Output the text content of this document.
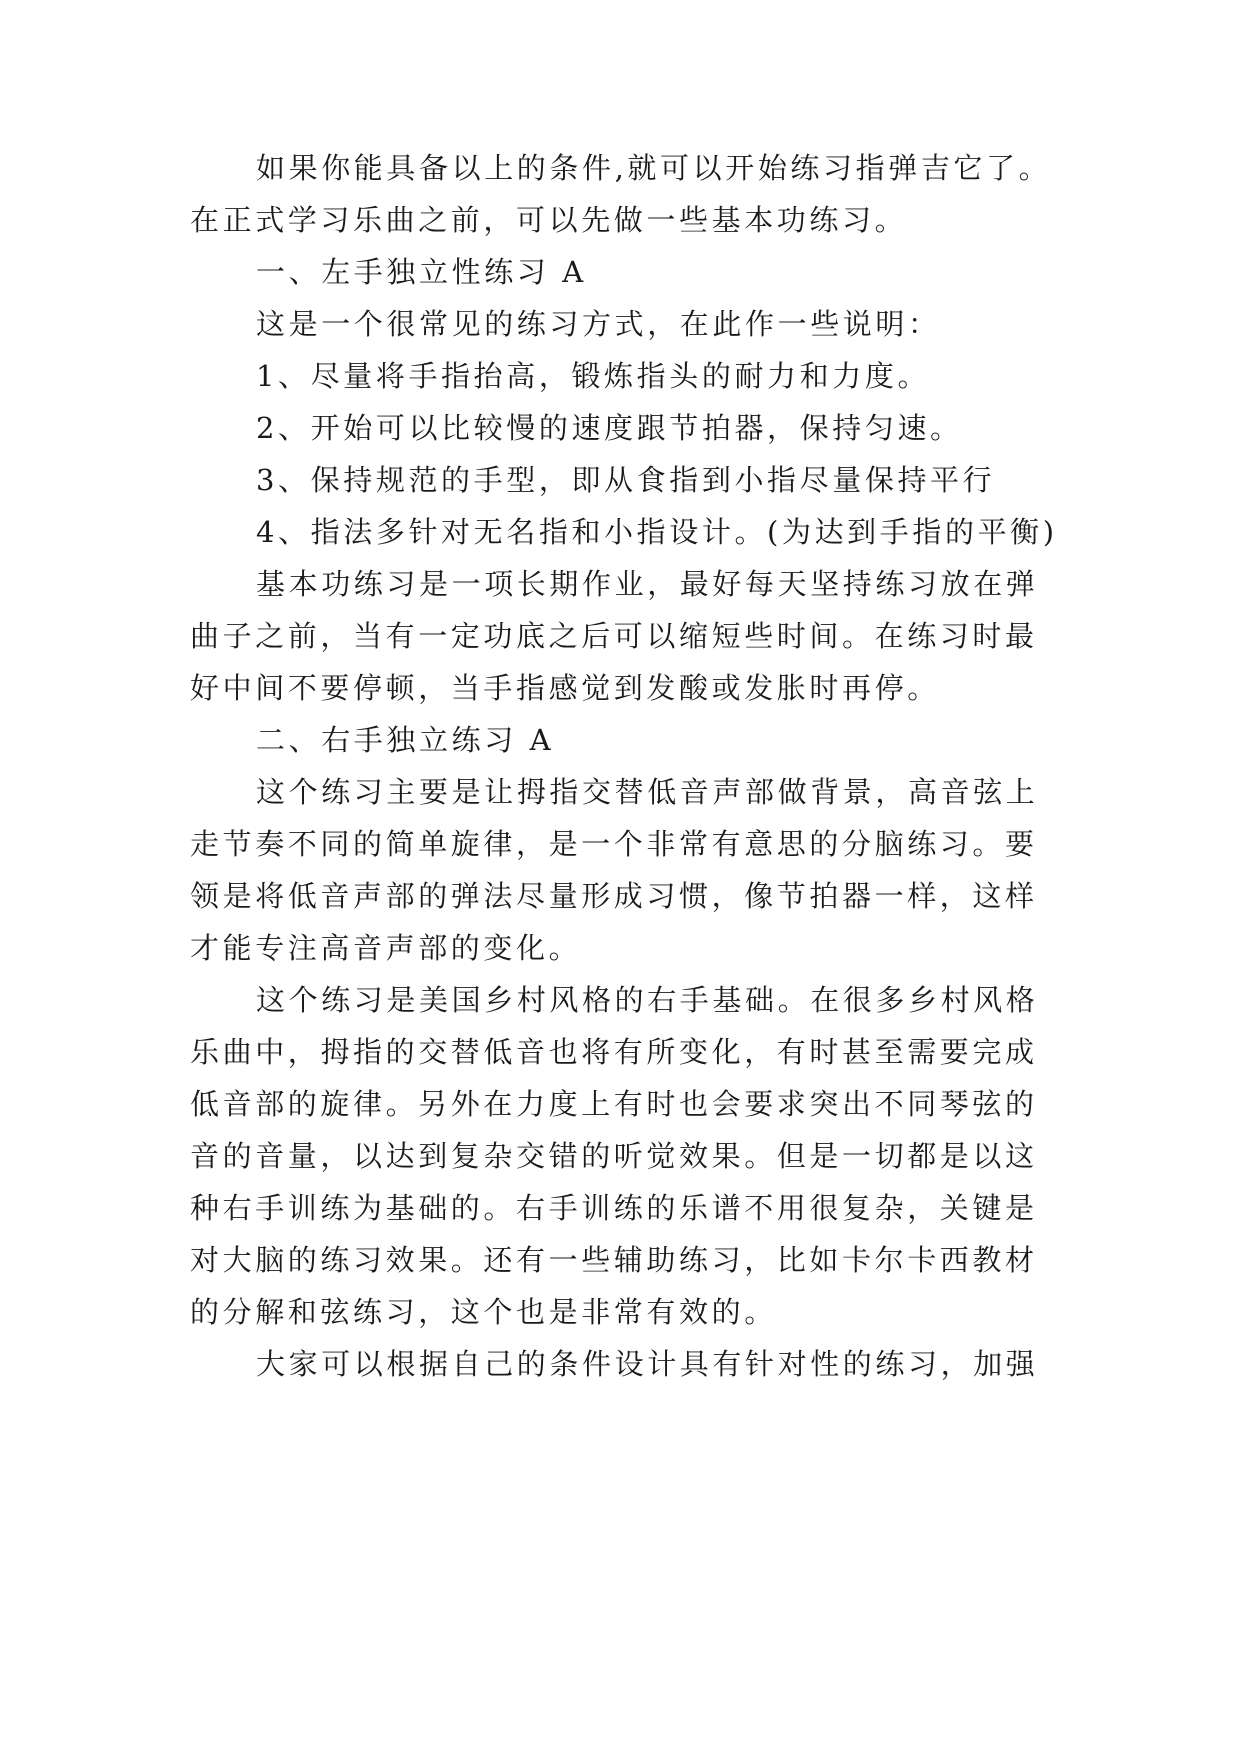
如果你能具备以上的条件,就可以开始练习指弹吉它了。
在正式学习乐曲之前，可以先做一些基本功练习。
一、左手独立性练习 A
这是一个很常见的练习方式，在此作一些说明：
1、尽量将手指抬高，锻炼指头的耐力和力度。
2、开始可以比较慢的速度跟节拍器，保持匀速。
3、保持规范的手型，即从食指到小指尽量保持平行
4、指法多针对无名指和小指设计。(为达到手指的平衡)
基本功练习是一项长期作业，最好每天坚持练习放在弹
曲子之前，当有一定功底之后可以缩短些时间。在练习时最
好中间不要停顿，当手指感觉到发酸或发胀时再停。
二、右手独立练习 A
这个练习主要是让拇指交替低音声部做背景，高音弦上
走节奏不同的简单旋律，是一个非常有意思的分脑练习。要
领是将低音声部的弹法尽量形成习惯，像节拍器一样，这样
才能专注高音声部的变化。
这个练习是美国乡村风格的右手基础。在很多乡村风格
乐曲中，拇指的交替低音也将有所变化，有时甚至需要完成
低音部的旋律。另外在力度上有时也会要求突出不同琴弦的
音的音量，以达到复杂交错的听觉效果。但是一切都是以这
种右手训练为基础的。右手训练的乐谱不用很复杂，关键是
对大脑的练习效果。还有一些辅助练习，比如卡尔卡西教材
的分解和弦练习，这个也是非常有效的。
大家可以根据自己的条件设计具有针对性的练习，加强
